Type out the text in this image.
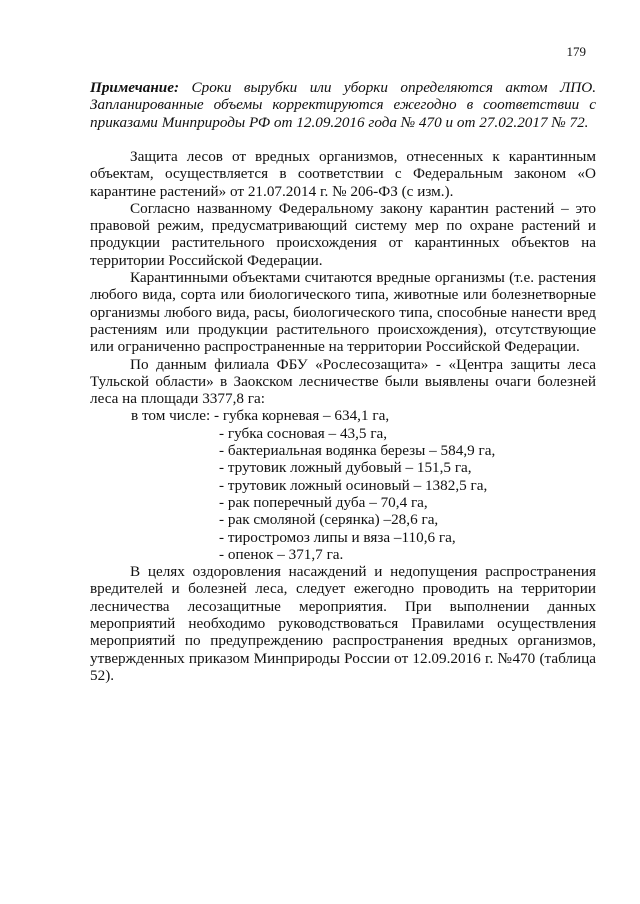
179
Примечание: Сроки вырубки или уборки определяются актом ЛПО. Запланированные объемы корректируются ежегодно в соответствии с приказами Минприроды РФ от 12.09.2016 года № 470 и от 27.02.2017 № 72.

Защита лесов от вредных организмов, отнесенных к карантинным объектам, осуществляется в соответствии с Федеральным законом «О карантине растений» от 21.07.2014 г. № 206-ФЗ (с изм.).

Согласно названному Федеральному закону карантин растений – это правовой режим, предусматривающий систему мер по охране растений и продукции растительного происхождения от карантинных объектов на территории Российской Федерации.

Карантинными объектами считаются вредные организмы (т.е. растения любого вида, сорта или биологического типа, животные или болезнетворные организмы любого вида, расы, биологического типа, способные нанести вред растениям или продукции растительного происхождения), отсутствующие или ограниченно распространенные на территории Российской Федерации.

По данным филиала ФБУ «Рослесозащита» - «Центра защиты леса Тульской области» в Заокском лесничестве были выявлены очаги болезней леса на площади 3377,8 га:

в том числе: - губка корневая – 634,1 га,

- губка сосновая – 43,5 га,

- бактериальная водянка березы – 584,9 га,

- трутовик ложный дубовый – 151,5 га,

- трутовик ложный осиновый – 1382,5 га,

- рак поперечный дуба – 70,4 га,

- рак смоляной (серянка) –28,6 га,

- тиростромоз липы и вяза –110,6 га,

- опенок – 371,7 га.

В целях оздоровления насаждений и недопущения распространения вредителей и болезней леса, следует ежегодно проводить на территории лесничества лесозащитные мероприятия. При выполнении данных мероприятий необходимо руководствоваться Правилами осуществления мероприятий по предупреждению распространения вредных организмов, утвержденных приказом Минприроды России от 12.09.2016 г. №470 (таблица 52).
